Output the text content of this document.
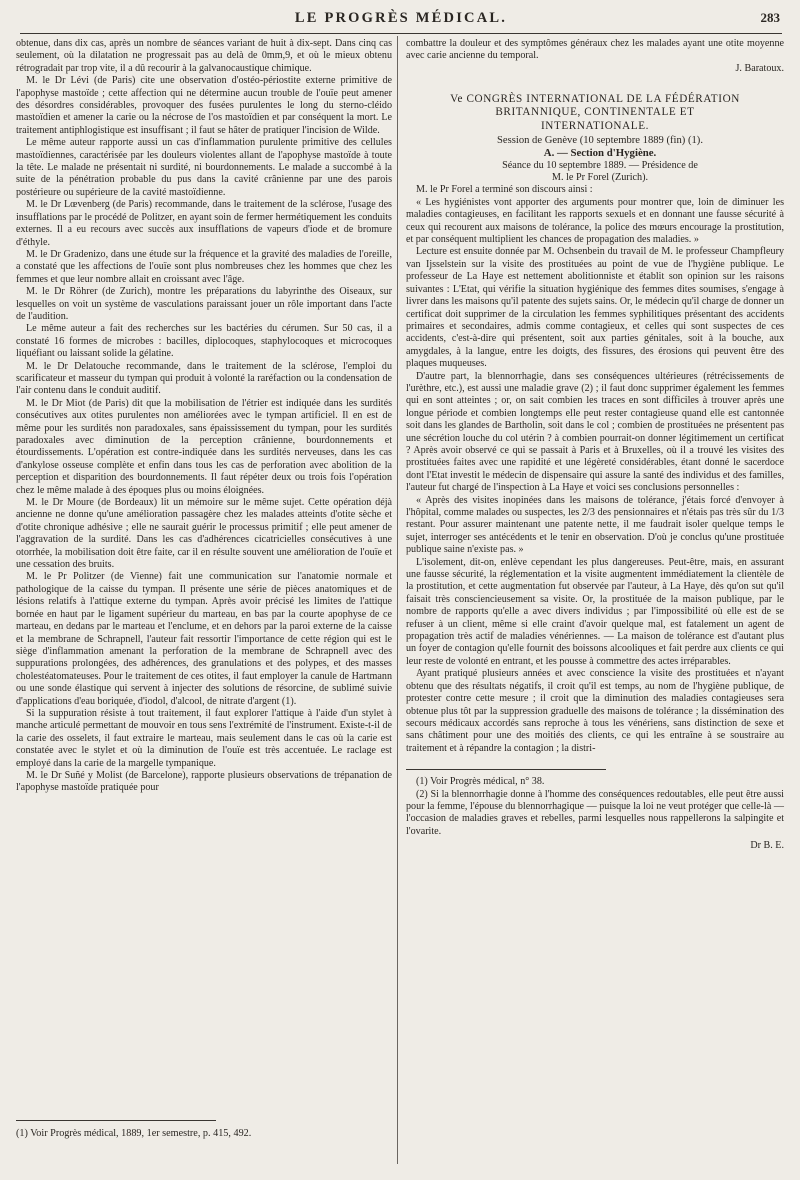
LE PROGRÈS MÉDICAL.	283

obtenue, dans dix cas, après un nombre de séances variant de huit à dix-sept. Dans cinq cas seulement, où la dilatation ne progressait pas au delà de 0mm,9, et où le mieux obtenu rétrogradait par trop vite, il a dû recourir à la galvanocaustique chimique.

M. le Dr Lévi (de Paris) cite une observation d'ostéo-périostite externe primitive de l'apophyse mastoïde ; cette affection qui ne détermine aucun trouble de l'ouïe peut amener des désordres considérables, provoquer des fusées purulentes le long du sterno-cléido mastoïdien et amener la carie ou la nécrose de l'os mastoïdien et par conséquent la mort. Le traitement antiphlogistique est insuffisant ; il faut se hâter de pratiquer l'incision de Wilde.

Le même auteur rapporte aussi un cas d'inflammation purulente primitive des cellules mastoïdiennes, caractérisée par les douleurs violentes allant de l'apophyse mastoïde à toute la tête. Le malade ne présentait ni surdité, ni bourdonnements. Le malade a succombé à la suite de la pénétration probable du pus dans la cavité crânienne par une des parois postérieure ou supérieure de la cavité mastoïdienne.

M. le Dr Lœvenberg (de Paris) recommande, dans le traitement de la sclérose, l'usage des insufflations par le procédé de Politzer, en ayant soin de fermer hermétiquement les conduits externes. Il a eu recours avec succès aux insufflations de vapeurs d'iode et de bromure d'éthyle.

M. le Dr Gradenizo, dans une étude sur la fréquence et la gravité des maladies de l'oreille, a constaté que les affections de l'ouïe sont plus nombreuses chez les hommes que chez les femmes et que leur nombre allait en croissant avec l'âge.

M. le Dr Röhrer (de Zurich), montre les préparations du labyrinthe des Oiseaux, sur lesquelles on voit un système de vasculations paraissant jouer un rôle important dans l'acte de l'audition.

Le même auteur a fait des recherches sur les bactéries du cérumen. Sur 50 cas, il a constaté 16 formes de microbes : bacilles, diplocoques, staphylocoques et microcoques liquéfiant ou laissant solide la gélatine.

M. le Dr Delatouche recommande, dans le traitement de la sclérose, l'emploi du scarificateur et masseur du tympan qui produit à volonté la raréfaction ou la condensation de l'air contenu dans le conduit auditif.

M. le Dr Miot (de Paris) dit que la mobilisation de l'étrier est indiquée dans les surdités consécutives aux otites purulentes non améliorées avec le tympan artificiel. Il en est de même pour les surdités non paradoxales, sans épaississement du tympan, pour les surdités paradoxales avec diminution de la perception crânienne, bourdonnements et étourdissements. L'opération est contre-indiquée dans les surdités nerveuses, dans les cas d'ankylose osseuse complète et enfin dans tous les cas de perforation avec abolition de la perception et disparition des bourdonnements. Il faut répéter deux ou trois fois l'opération chez le même malade à des époques plus ou moins éloignées.

M. le Dr Moure (de Bordeaux) lit un mémoire sur le même sujet. Cette opération déjà ancienne ne donne qu'une amélioration passagère chez les malades atteints d'otite sèche et d'otite chronique adhésive ; elle ne saurait guérir le processus primitif ; elle peut amener de l'aggravation de la surdité. Dans les cas d'adhérences cicatricielles consécutives à une otorrhée, la mobilisation doit être faite, car il en résulte souvent une amélioration de l'ouïe et une cessation des bruits.

M. le Pr Politzer (de Vienne) fait une communication sur l'anatomie normale et pathologique de la caisse du tympan. Il présente une série de pièces anatomiques et de lésions relatifs à l'attique externe du tympan. Après avoir précisé les limites de l'attique bornée en haut par le ligament supérieur du marteau, en bas par la courte apophyse de ce marteau, en dedans par le marteau et l'enclume, et en dehors par la paroi externe de la caisse et la membrane de Schrapnell, l'auteur fait ressortir l'importance de cette région qui est le siège d'inflammation amenant la perforation de la membrane de Schrapnell avec des suppurations prolongées, des adhérences, des granulations et des polypes, et des masses cholestéatomateuses. Pour le traitement de ces otites, il faut employer la canule de Hartmann ou une sonde élastique qui servent à injecter des solutions de résorcine, de sublimé suivie d'applications d'eau boriquée, d'iodol, d'alcool, de nitrate d'argent (1).

Si la suppuration résiste à tout traitement, il faut explorer l'attique à l'aide d'un stylet à manche articulé permettant de mouvoir en tous sens l'extrémité de l'instrument. Existe-t-il de la carie des osselets, il faut extraire le marteau, mais seulement dans le cas où la carie est constatée avec le stylet et où la diminution de l'ouïe est très accentuée. Le raclage est employé dans la carie de la margelle tympanique.

M. le Dr Suñé y Molist (de Barcelone), rapporte plusieurs observations de trépanation de l'apophyse mastoïde pratiquée pour

(1) Voir Progrès médical, 1889, 1er semestre, p. 415, 492.

combattre la douleur et des symptômes généraux chez les malades ayant une otite moyenne avec carie ancienne du temporal.

J. Baratoux.

Ve CONGRÈS INTERNATIONAL DE LA FÉDÉRATION
BRITANNIQUE, CONTINENTALE ET
INTERNATIONALE.

Session de Genève (10 septembre 1889 (fin) (1).

A. — Section d'Hygiène.

Séance du 10 septembre 1889. — Présidence de

M. le Pr Forel (Zurich).

M. le Pr Forel a terminé son discours ainsi :

« Les hygiénistes vont apporter des arguments pour montrer que, loin de diminuer les maladies contagieuses, en facilitant les rapports sexuels et en donnant une fausse sécurité à ceux qui recourent aux maisons de tolérance, la police des mœurs encourage la prostitution, et par conséquent multiplient les chances de propagation des maladies. »

Lecture est ensuite donnée par M. Ochsenbein du travail de M. le professeur Champfleury van Ijsselstein sur la visite des prostituées au point de vue de l'hygiène publique. Le professeur de La Haye est nettement abolitionniste et établit son opinion sur les raisons suivantes : L'Etat, qui vérifie la situation hygiénique des femmes dites soumises, s'engage à livrer dans les maisons qu'il patente des sujets sains. Or, le médecin qu'il charge de donner un certificat doit supprimer de la circulation les femmes syphilitiques présentant des accidents primaires et secondaires, admis comme contagieux, et celles qui sont suspectes de ces accidents, c'est-à-dire qui présentent, soit aux parties génitales, soit à la bouche, aux amygdales, à la langue, entre les doigts, des fissures, des érosions qui peuvent être des plaques muqueuses.

D'autre part, la blennorrhagie, dans ses conséquences ultérieures (rétrécissements de l'urèthre, etc.), est aussi une maladie grave (2) ; il faut donc supprimer également les femmes qui en sont atteintes ; or, on sait combien les traces en sont difficiles à trouver après une longue période et combien longtemps elle peut rester contagieuse quand elle est cantonnée soit dans les glandes de Bartholin, soit dans le col ; combien de prostituées ne présentent pas une sécrétion louche du col utérin ? à combien pourrait-on donner légitimement un certificat ? Après avoir observé ce qui se passait à Paris et à Bruxelles, où il a trouvé les visites des prostituées faites avec une rapidité et une légèreté considérables, étant donné le sacerdoce dont l'Etat investit le médecin de dispensaire qui assure la santé des individus et des familles, l'auteur fut chargé de l'inspection à La Haye et voici ses conclusions personnelles :

« Après des visites inopinées dans les maisons de tolérance, j'étais forcé d'envoyer à l'hôpital, comme malades ou suspectes, les 2/3 des pensionnaires et n'étais pas très sûr du 1/3 restant. Pour assurer maintenant une patente nette, il me faudrait isoler quelque temps le sujet, interroger ses antécédents et le tenir en observation. D'où je conclus qu'une prostituée publique saine n'existe pas. »

L'isolement, dit-on, enlève cependant les plus dangereuses. Peut-être, mais, en assurant une fausse sécurité, la réglementation et la visite augmentent immédiatement la clientèle de la prostitution, et cette augmentation fut observée par l'auteur, à La Haye, dès qu'on sut qu'il faisait très consciencieusement sa visite. Or, la prostituée de la maison publique, par le nombre de rapports qu'elle a avec divers individus ; par l'impossibilité où elle est de se refuser à un client, même si elle craint d'avoir quelque mal, est fatalement un agent de propagation très actif de maladies vénériennes. — La maison de tolérance est d'autant plus un foyer de contagion qu'elle fournit des boissons alcooliques et fait perdre aux clients ce qui leur reste de volonté en entrant, et les pousse à commettre des actes irréparables.

Ayant pratiqué plusieurs années et avec conscience la visite des prostituées et n'ayant obtenu que des résultats négatifs, il croit qu'il est temps, au nom de l'hygiène publique, de protester contre cette mesure ; il croit que la diminution des maladies contagieuses sera obtenue plus tôt par la suppression graduelle des maisons de tolérance ; la dissémination des secours médicaux accordés sans reproche à tous les vénériens, sans distinction de sexe et sans châtiment pour une des moitiés des clients, ce qui les entraîne à se soustraire au traitement et à répandre la contagion ; la distri-

(1) Voir Progrès médical, n° 38.

(2) Si la blennorrhagie donne à l'homme des conséquences redoutables, elle peut être aussi pour la femme, l'épouse du blennorrhagique — puisque la loi ne veut protéger que celle-là — l'occasion de maladies graves et rebelles, parmi lesquelles nous rappellerons la salpingite et l'ovarite.

Dr B. E.
